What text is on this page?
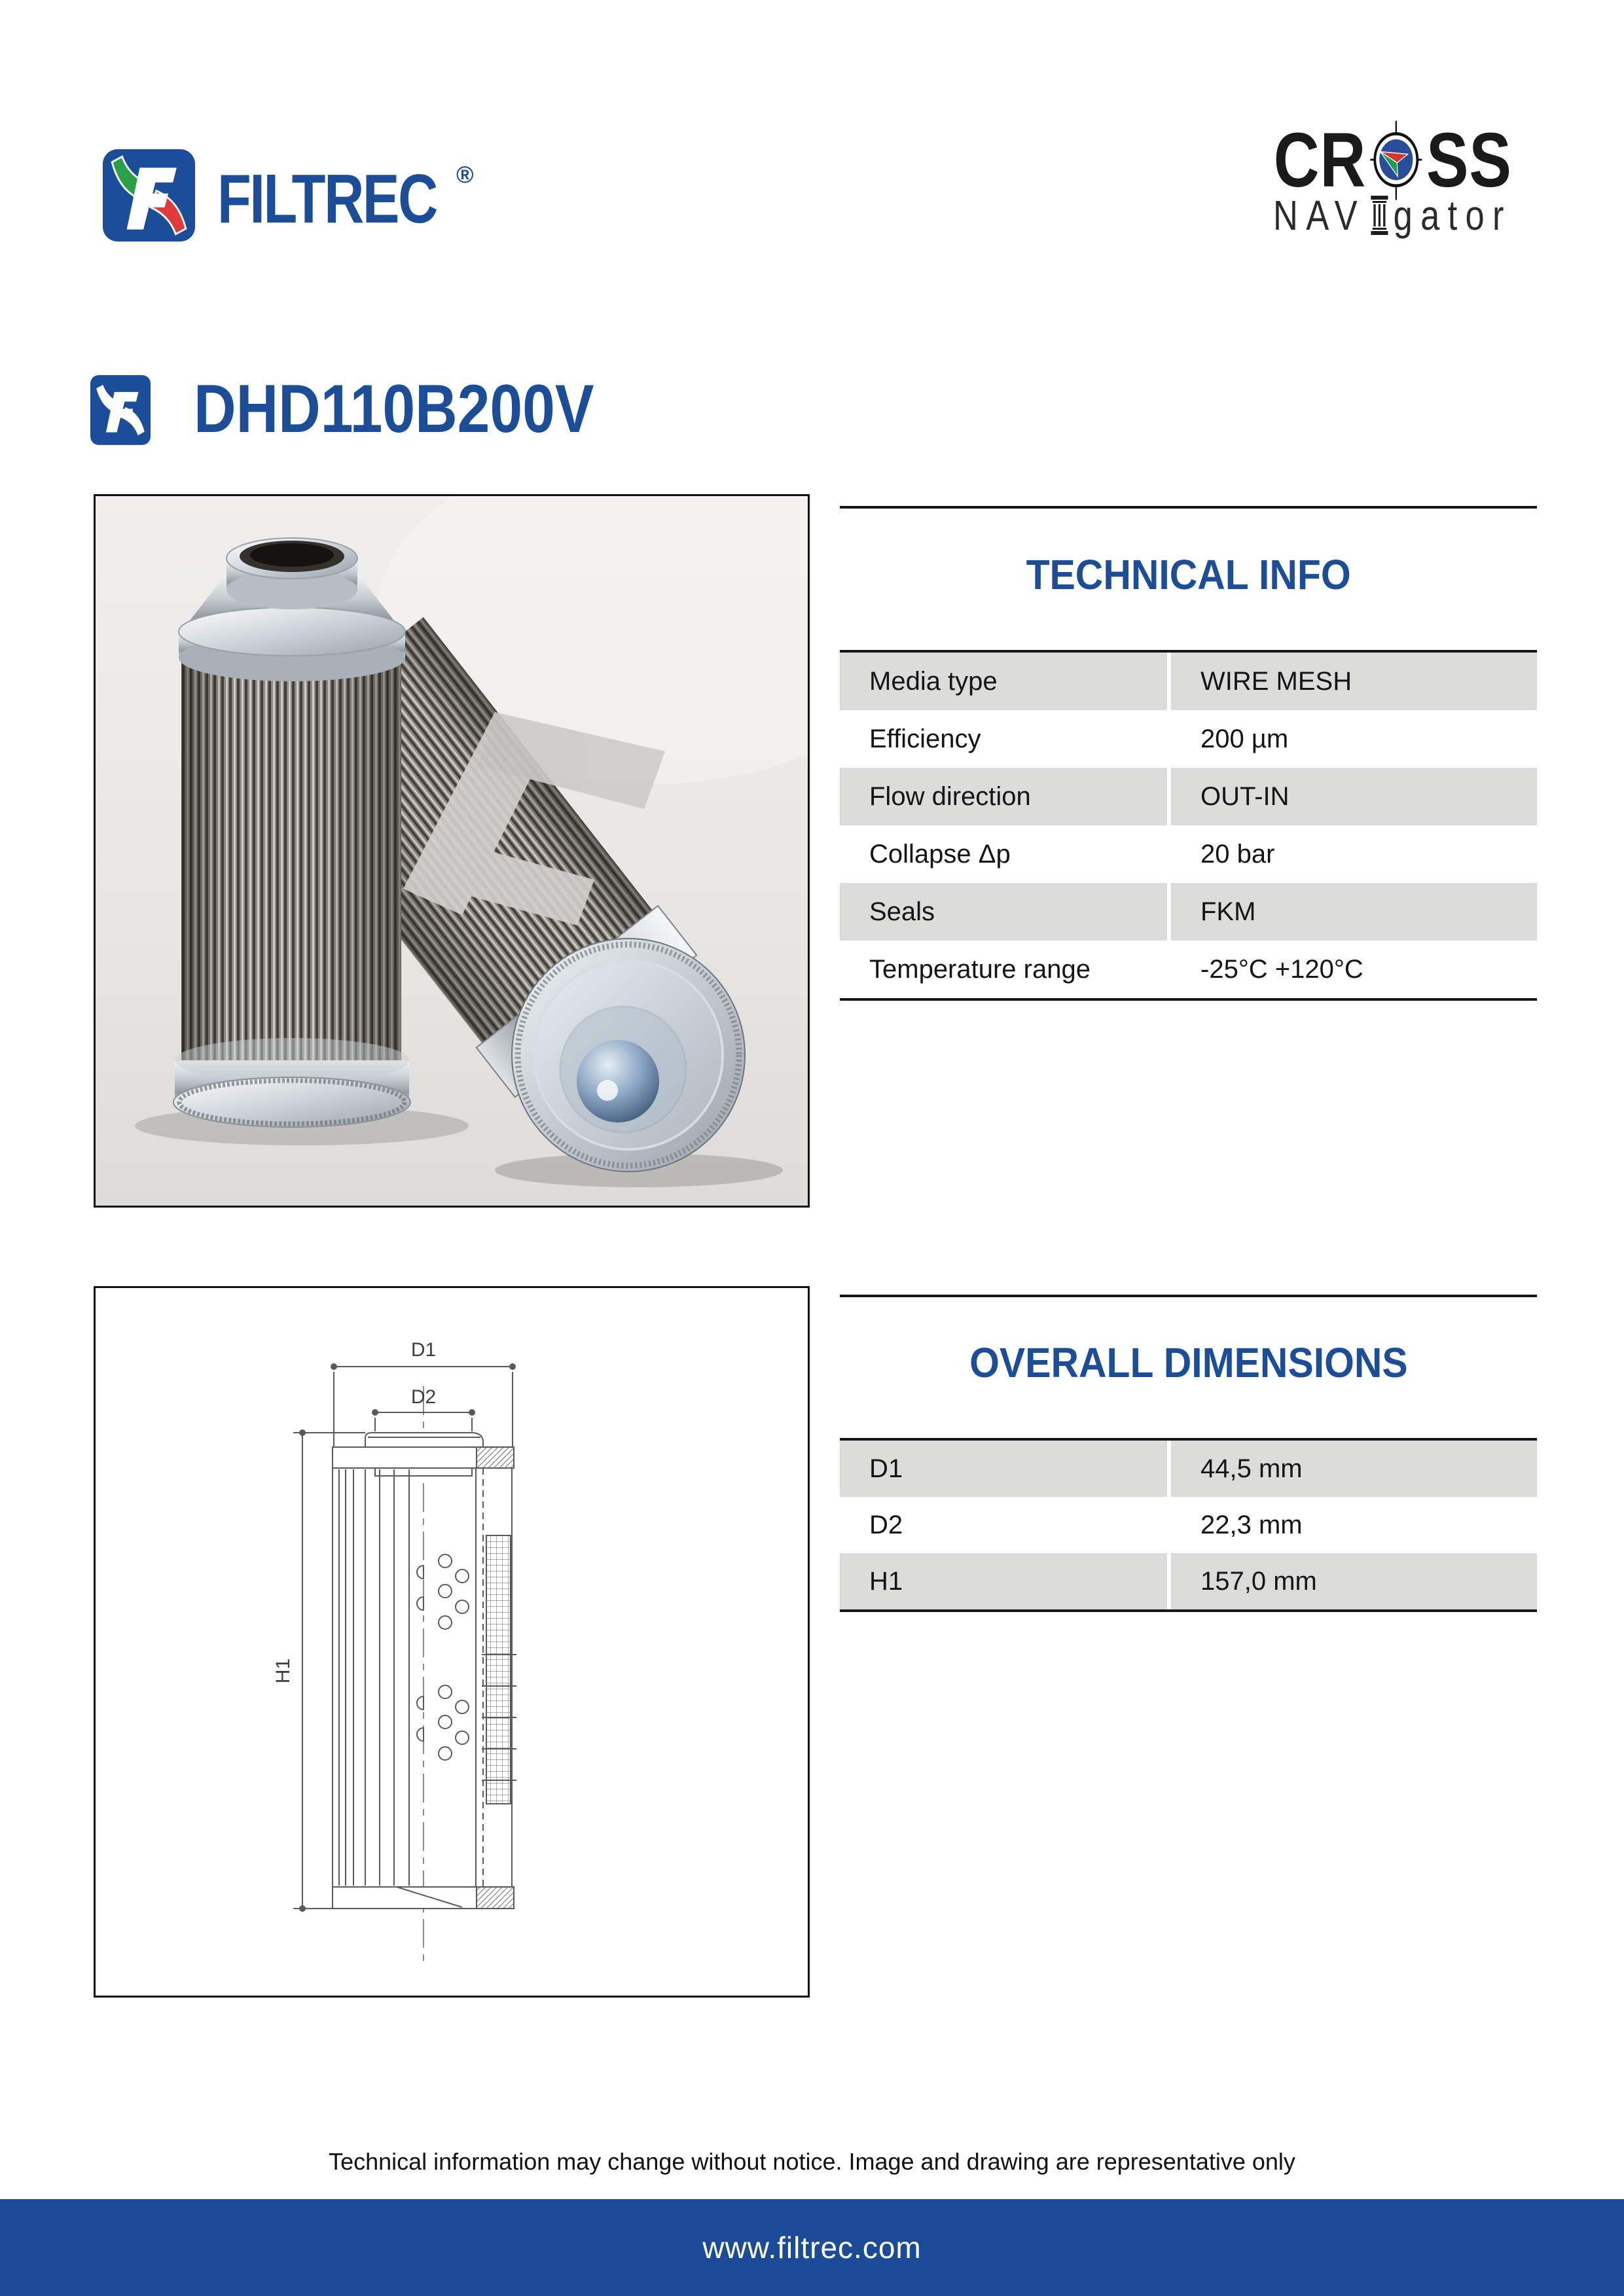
FILTREC ®	CR SS
NAV gator
DHD110B200V
TECHNICAL INFO
Media type	WIRE MESH
Efficiency	200 µm
Flow direction	OUT-IN
Collapse Δp	20 bar
Seals	FKM
Temperature range	-25°C +120°C
D1
D2
H1
OVERALL DIMENSIONS
D1	44,5 mm
D2	22,3 mm
H1	157,0 mm
Technical information may change without notice. Image and drawing are representative only
www.filtrec.com
